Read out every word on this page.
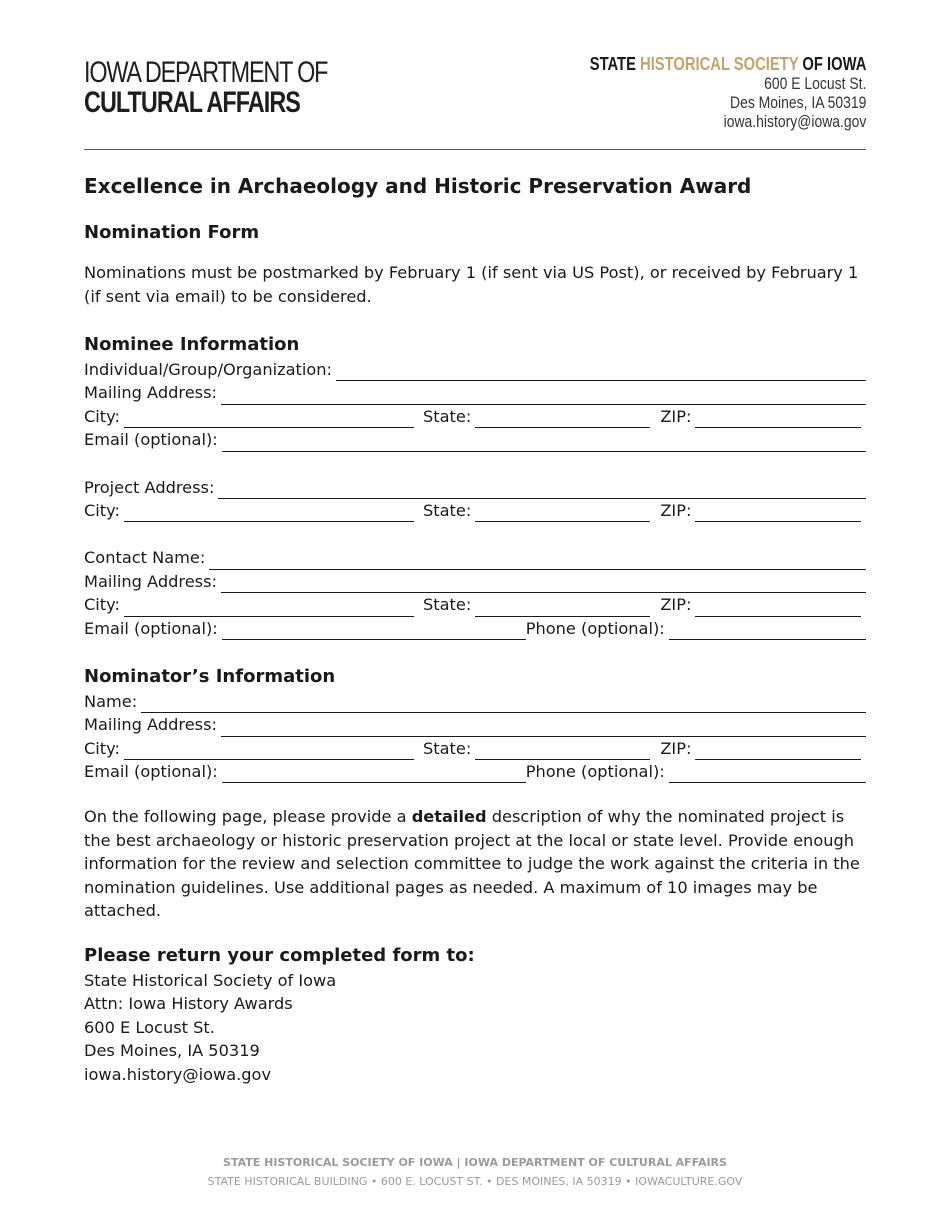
IOWA DEPARTMENT OF
CULTURAL AFFAIRS
STATE HISTORICAL SOCIETY OF IOWA
600 E Locust St.
Des Moines, IA 50319
iowa.history@iowa.gov
Excellence in Archaeology and Historic Preservation Award
Nomination Form

Nominations must be postmarked by February 1 (if sent via US Post), or received by February 1 (if sent via email) to be considered.

Nominee Information
Individual/Group/Organization:
Mailing Address:
City:	State:	ZIP:
Email (optional):
Project Address:
City:	State:	ZIP:
Contact Name:
Mailing Address:
City:	State:	ZIP:
Email (optional):	Phone (optional):
Nominator’s Information
Name:
Mailing Address:
City:	State:	ZIP:
Email (optional):	Phone (optional):

On the following page, please provide a detailed description of why the nominated project is the best archaeology or historic preservation project at the local or state level. Provide enough information for the review and selection committee to judge the work against the criteria in the nomination guidelines. Use additional pages as needed. A maximum of 10 images may be attached.

Please return your completed form to:

State Historical Society of Iowa

Attn: Iowa History Awards

600 E Locust St.

Des Moines, IA 50319

iowa.history@iowa.gov

STATE HISTORICAL SOCIETY OF IOWA | IOWA DEPARTMENT OF CULTURAL AFFAIRS
STATE HISTORICAL BUILDING • 600 E. LOCUST ST. • DES MOINES, IA 50319 • IOWACULTURE.GOV
